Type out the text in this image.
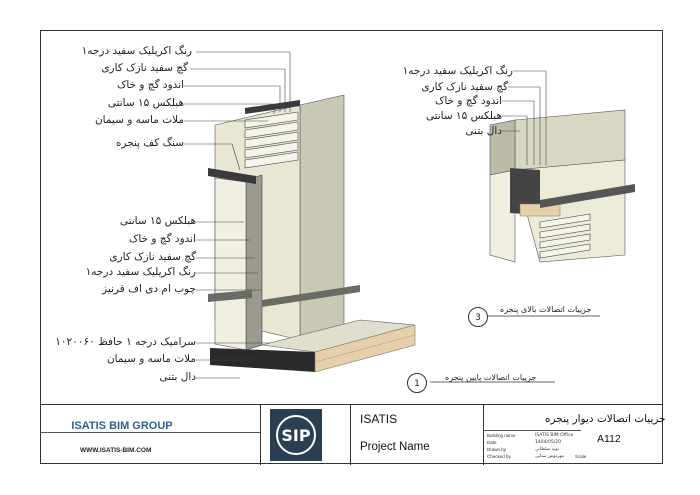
رنگ اکریلیک سفید درجه۱
گچ سفید نازک کاری
اندود گچ و خاک
هبلکس ۱۵ سانتی
ملات ماسه و سیمان
سنگ کف پنجره
هبلکس ۱۵ سانتی
اندود گچ و خاک
گچ سفید نازک کاری
رنگ اکریلیک سفید درجه۱
چوب ام دی اف قرنیز
سرامیک درجه ۱ حافظ ۱۰۲۰۰۶۰
ملات ماسه و سیمان
دال بتنی	جزییات اتصالات پایین پنجره
1
رنگ اکریلیک سفید درجه۱
گچ سفید نازک کاری
اندود گچ و خاک
هبلکس ۱۵ سانتی
دال بتنی
جزییات اتصالات بالای پنجره
3
ISATIS BIM GROUP
WWW.ISATIS-BIM.COM
SIP
ISATIS
Project Name
جزییات اتصالات دیوار پنجره
Building name	ISATIS BIM Office
Date	1404/05/20
Drawn by	نوید سلطانی
Checked by	مهرنوش سنایی Scale
A112
